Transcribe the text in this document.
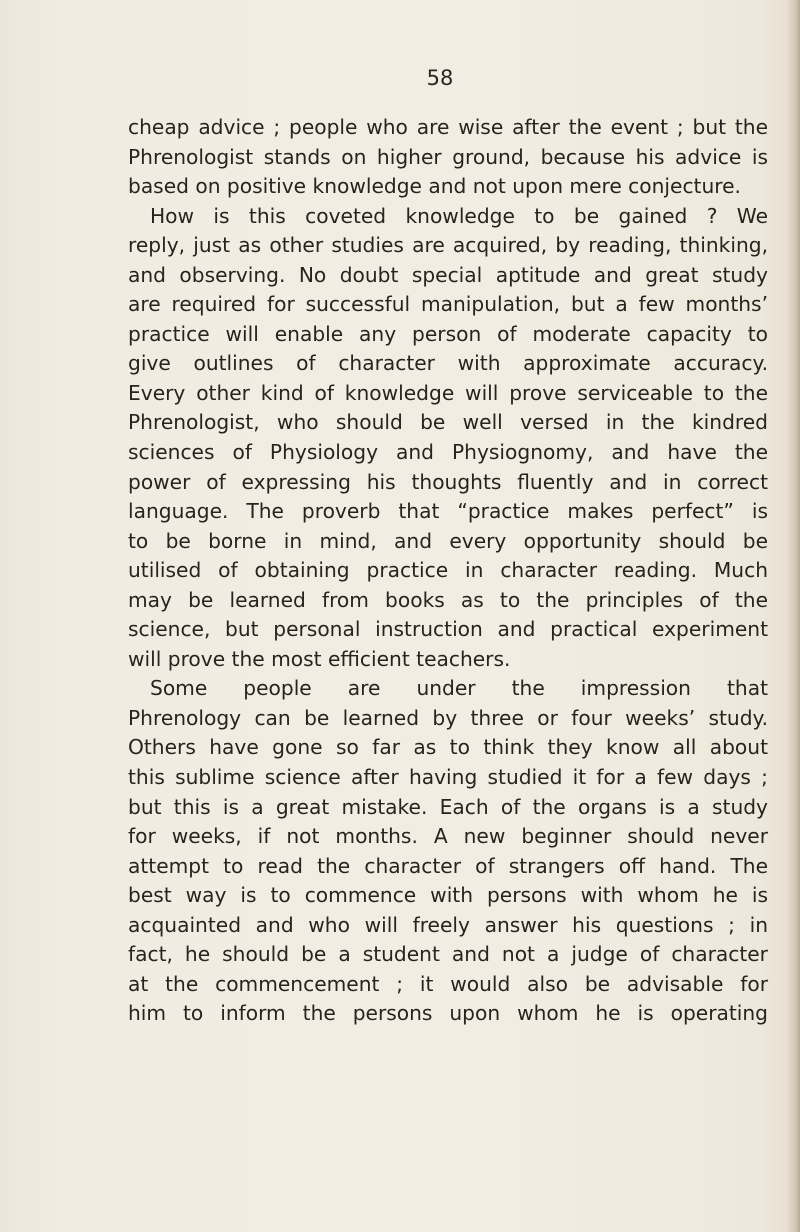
58
cheap advice ; people who are wise after the event ; but the
Phrenologist stands on higher ground, because his advice is
based on positive knowledge and not upon mere conjecture.
How is this coveted knowledge to be gained ? We
reply, just as other studies are acquired, by reading, thinking,
and observing. No doubt special aptitude and great study
are required for successful manipulation, but a few months’
practice will enable any person of moderate capacity to
give outlines of character with approximate accuracy.
Every other kind of knowledge will prove serviceable to the
Phrenologist, who should be well versed in the kindred
sciences of Physiology and Physiognomy, and have the
power of expressing his thoughts fluently and in correct
language. The proverb that “practice makes perfect” is
to be borne in mind, and every opportunity should be
utilised of obtaining practice in character reading. Much
may be learned from books as to the principles of the
science, but personal instruction and practical experiment
will prove the most efficient teachers.
Some people are under the impression that
Phrenology can be learned by three or four weeks’ study.
Others have gone so far as to think they know all about
this sublime science after having studied it for a few days ;
but this is a great mistake. Each of the organs is a study
for weeks, if not months. A new beginner should never
attempt to read the character of strangers off hand. The
best way is to commence with persons with whom he is
acquainted and who will freely answer his questions ; in
fact, he should be a student and not a judge of character
at the commencement ; it would also be advisable for
him to inform the persons upon whom he is operating
